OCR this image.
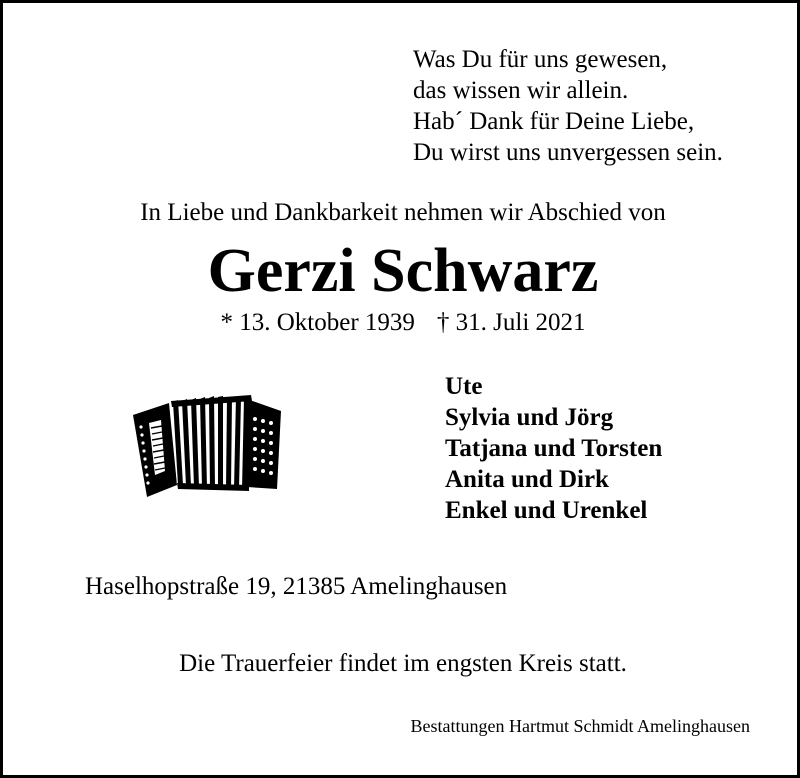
Was Du für uns gewesen,
das wissen wir allein.
Hab´ Dank für Deine Liebe,
Du wirst uns unvergessen sein.
In Liebe und Dankbarkeit nehmen wir Abschied von
Gerzi Schwarz
* 13. Oktober 1939 † 31. Juli 2021
Ute
Sylvia und Jörg
Tatjana und Torsten
Anita und Dirk
Enkel und Urenkel
Haselhopstraße 19, 21385 Amelinghausen
Die Trauerfeier findet im engsten Kreis statt.
Bestattungen Hartmut Schmidt Amelinghausen
